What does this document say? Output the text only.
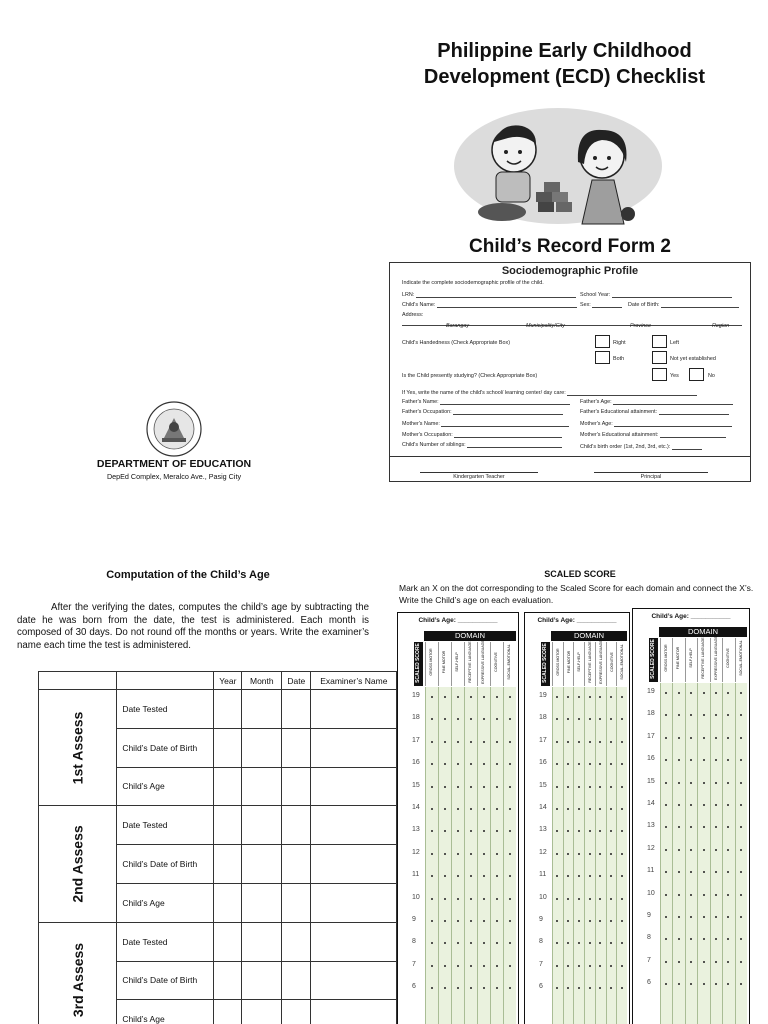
Philippine Early Childhood
Development (ECD) Checklist
Child’s Record Form 2
Sociodemographic Profile
Indicate the complete sociodemographic profile of the child.
LRN:	School Year:
Child's Name:	Sex:	Date of Birth:
Address:
Barangay	Municipality/City	Province	Region
Child's Handedness (Check Appropriate Box)	Right	Left
Both	Not yet established
Is the Child presently studying? (Check Appropriate Box)	Yes	No
If Yes, write the name of the child's school/ learning center/ day care:
Father's Name:	Father's Age:
Father's Occupation:	Father's Educational attainment:
Mother's Name:	Mother's Age:
Mother's Occupation:	Mother's Educational attainment:
Child's Number of siblings:	Child's birth order (1st, 2nd, 3rd, etc.):
Kindergarten Teacher	Principal
DEPARTMENT OF EDUCATION
DepEd Complex, Meralco Ave., Pasig City
Computation of the Child’s Age
After the verifying the dates, computes the child’s age by subtracting the date he was born from the date, the test is administered. Each month is composed of 30 days. Do not round off the months or years. Write the examiner’s name each time the test is administered.
		Year	Month	Date	Examiner’s Name
1st Assess	Date Tested				
	Child’s Date of Birth				
	Child’s Age				
2nd Assess	Date Tested				
	Child’s Date of Birth				
	Child’s Age				
3rd Assess	Date Tested				
	Child’s Date of Birth				
	Child’s Age				
SCALED SCORE
Mark an X on the dot corresponding to the Scaled Score for each domain and connect the X’s. Write the Child’s age on each evaluation.
Child’s Age: ___________
DOMAIN
SCALED SCORE GROSS MOTOR	FINE MOTOR	SELF-HELP	RECEPTIVE LANGUAGE	EXPRESSIVE LANGUAGE	COGNITIVE	SOCIAL-EMOTIONAL
19
18
17
16
15
14
13
12
11
10
9
8
7
6
Child’s Age: ___________
DOMAIN
SCALED SCORE GROSS MOTOR FINE MOTOR SELF-HELP RECEPTIVE LANGUAGE EXPRESSIVE LANGUAGE COGNITIVE SOCIAL-EMOTIONAL
19
18
17
16
15
14
13
12
11
10
9
8
7
6
Child’s Age: ___________
DOMAIN
SCALED SCORE GROSS MOTOR FINE MOTOR SELF-HELP RECEPTIVE LANGUAGE EXPRESSIVE LANGUAGE COGNITIVE SOCIAL-EMOTIONAL
19
18
17
16
15
14
13
12
11
10
9
8
7
6
